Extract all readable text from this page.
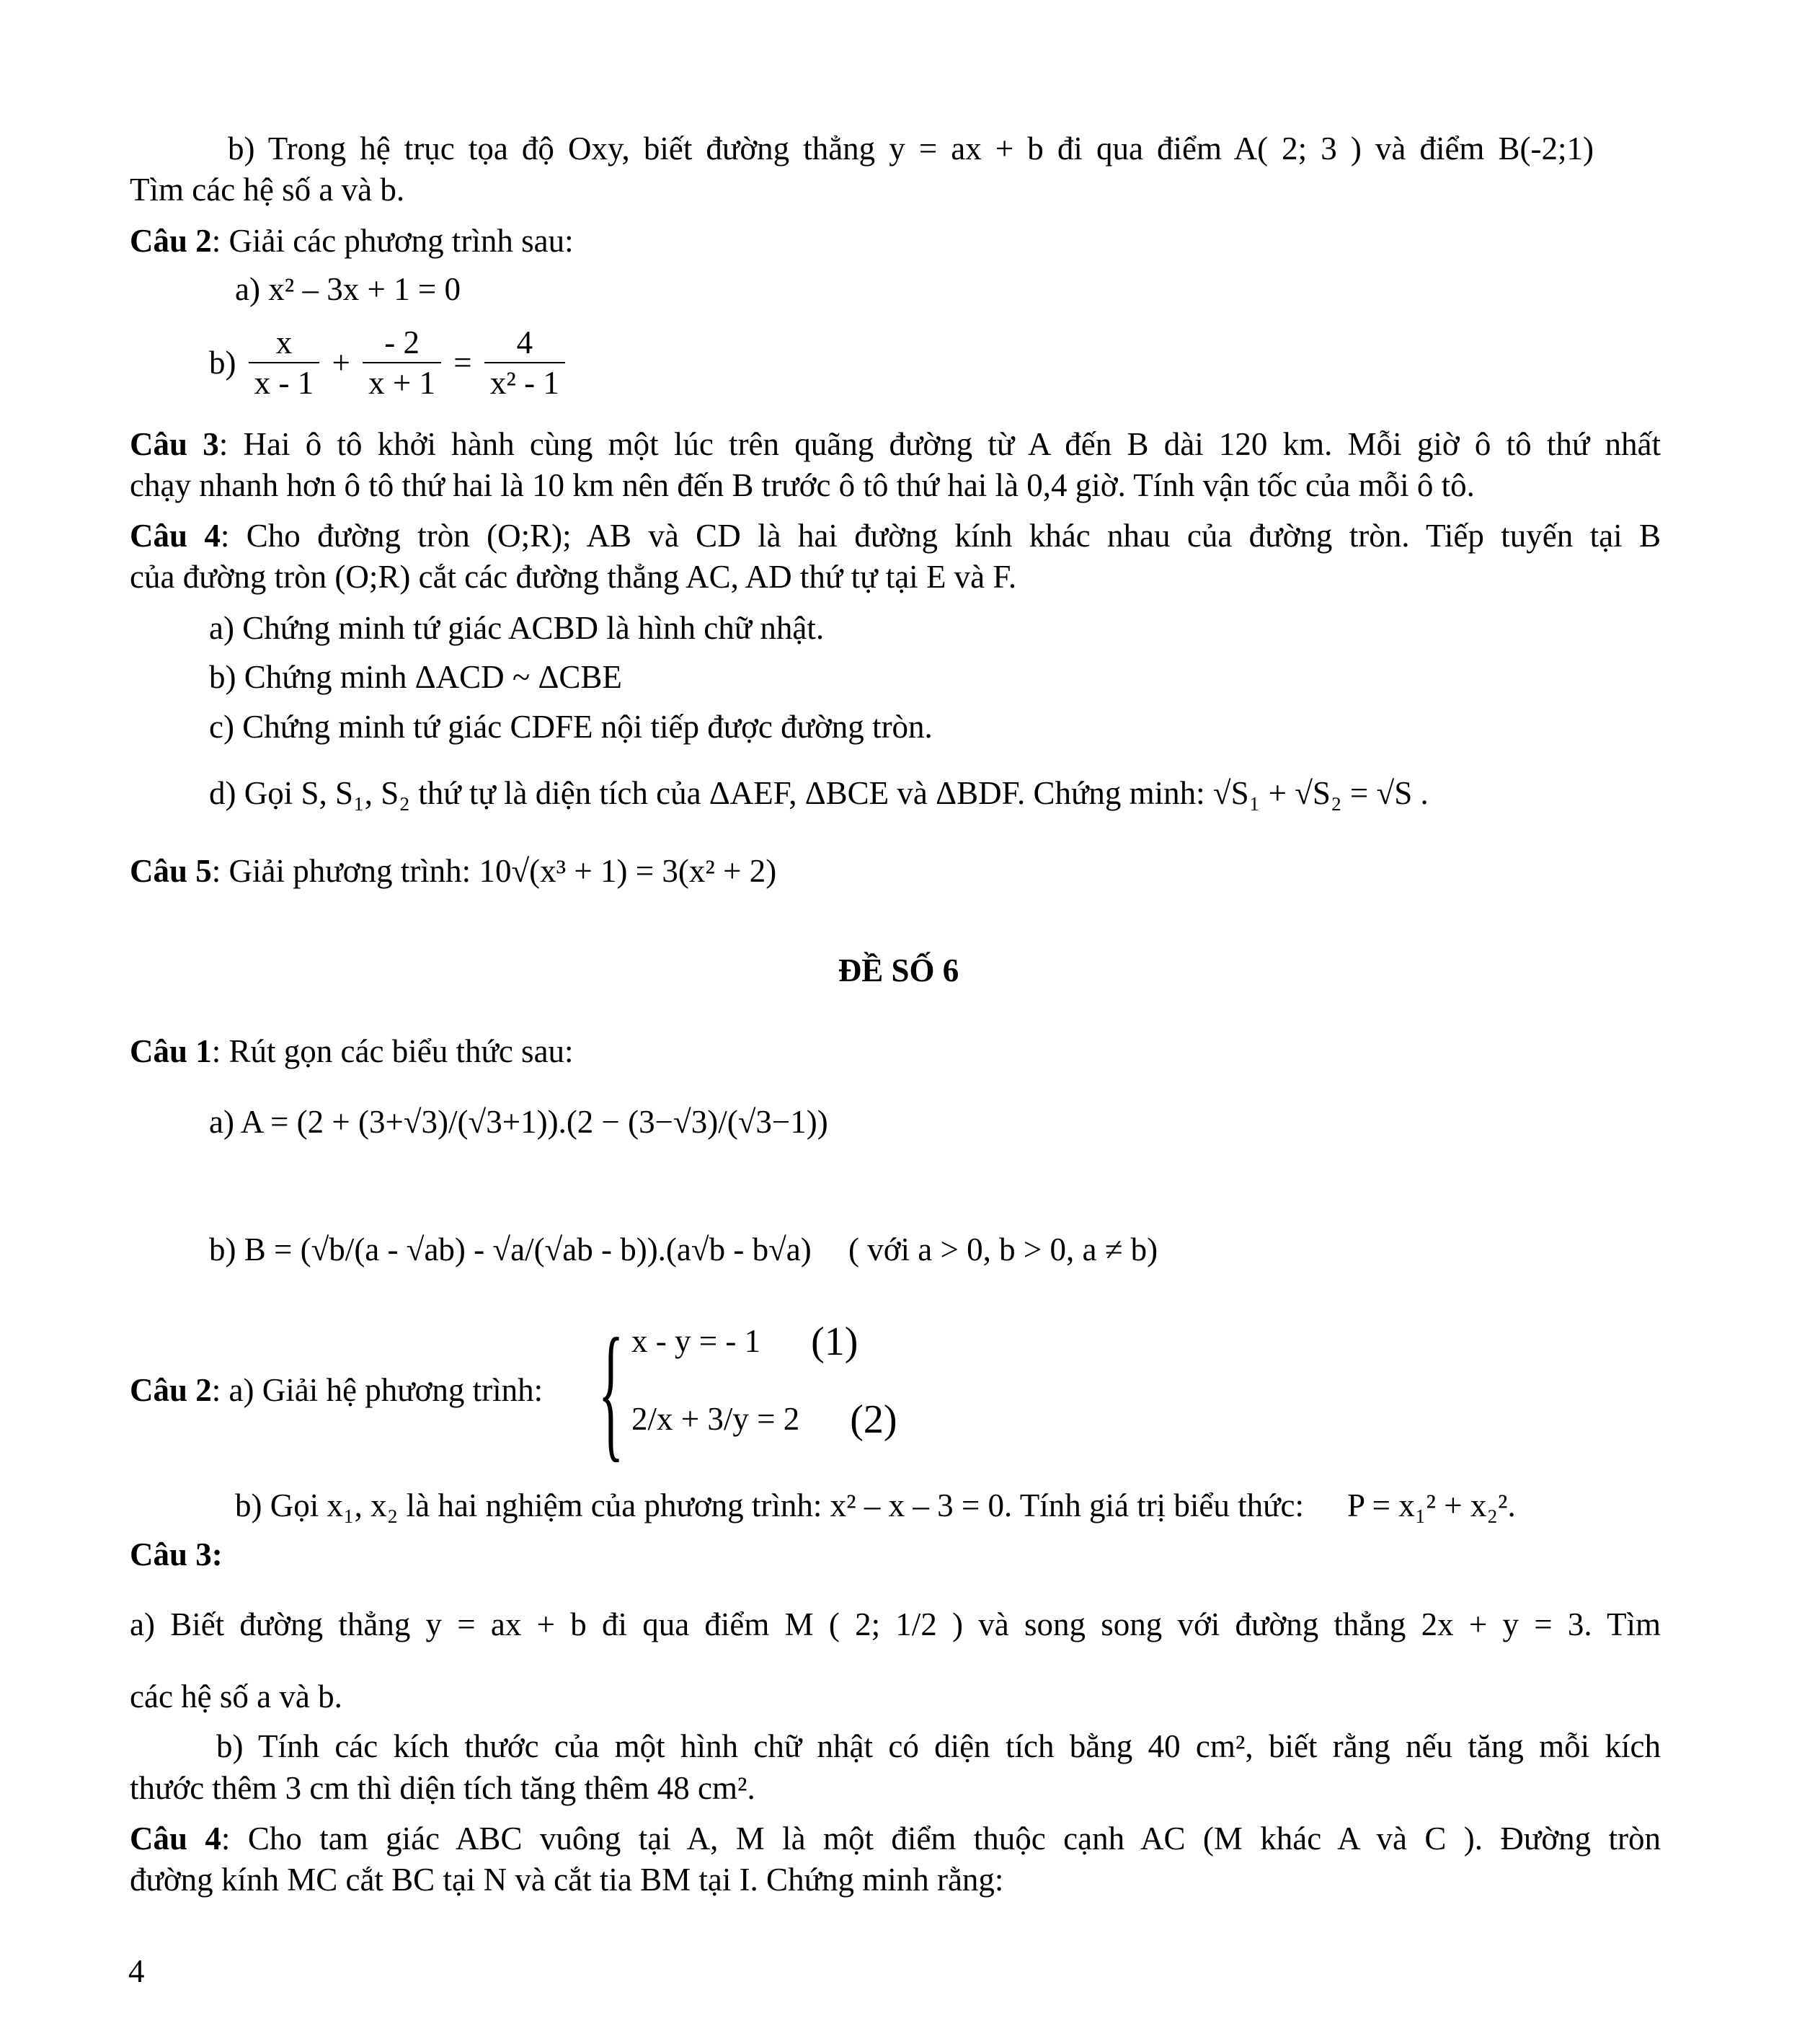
b) Trong hệ trục tọa độ Oxy, biết đường thẳng y = ax + b đi qua điểm A( 2; 3 ) và điểm B(-2;1)
Tìm các hệ số a và b.
Câu 2: Giải các phương trình sau:
a) x² – 3x + 1 = 0
$b) \frac{x}{x - 1} + \frac{- 2}{x + 1} = \frac{4}{\text{x² - 1}}$
Câu 3: Hai ô tô khởi hành cùng một lúc trên quãng đường từ A đến B dài 120 km. Mỗi giờ ô tô thứ nhất
chạy nhanh hơn ô tô thứ hai là 10 km nên đến B trước ô tô thứ hai là 0,4 giờ. Tính vận tốc của mỗi ô tô.
Câu 4: Cho đường tròn (O;R); AB và CD là hai đường kính khác nhau của đường tròn. Tiếp tuyến tại B
của đường tròn (O;R) cắt các đường thẳng AC, AD thứ tự tại E và F.
a) Chứng minh tứ giác ACBD là hình chữ nhật.
b) Chứng minh ΔACD ~ ΔCBE
c) Chứng minh tứ giác CDFE nội tiếp được đường tròn.
d) Gọi S, S₁, S₂ thứ tự là diện tích của ΔAEF, ΔBCE và ΔBDF. Chứng minh: √S₁ + √S₂ = √S .
Câu 5: Giải phương trình: 10√(x³ + 1) = 3(x² + 2)
ĐỀ SỐ 6
Câu 1: Rút gọn các biểu thức sau:
a) A = (2 + (3+√3)/(√3+1)).(2 − (3−√3)/(√3−1))
b) B = (√b/(a - √ab) - √a/(√ab - b)).(a√b - b√a) ( với a > 0, b > 0, a ≠ b)
Câu 2: a) Giải hệ phương trình: { x - y = - 1 (1)
2/x + 3/y = 2 (2)
b) Gọi x₁, x₂ là hai nghiệm của phương trình: x² – x – 3 = 0. Tính giá trị biểu thức: P = x₁² + x₂².
Câu 3:
a) Biết đường thẳng y = ax + b đi qua điểm M ( 2; 1/2 ) và song song với đường thẳng 2x + y = 3. Tìm
các hệ số a và b.
b) Tính các kích thước của một hình chữ nhật có diện tích bằng 40 cm², biết rằng nếu tăng mỗi kích
thước thêm 3 cm thì diện tích tăng thêm 48 cm².
Câu 4: Cho tam giác ABC vuông tại A, M là một điểm thuộc cạnh AC (M khác A và C ). Đường tròn
đường kính MC cắt BC tại N và cắt tia BM tại I. Chứng minh rằng:
4
